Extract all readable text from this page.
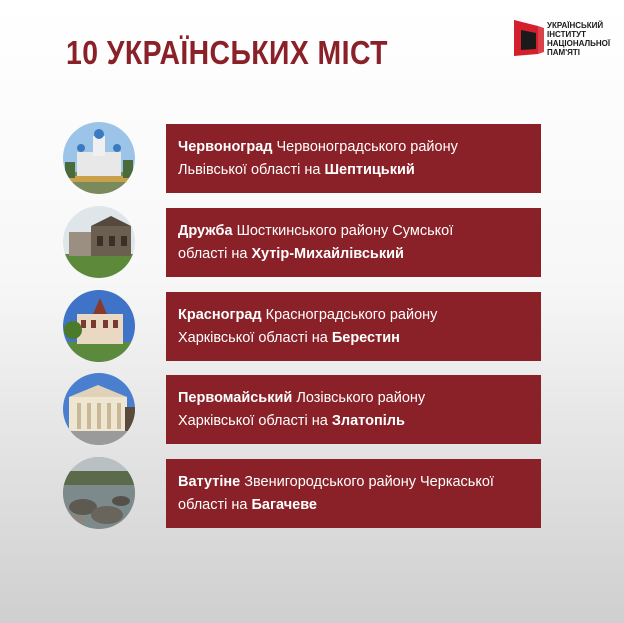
10 УКРАЇНСЬКИХ МІСТ
УКРАЇНСЬКИЙ
ІНСТИТУТ
НАЦІОНАЛЬНОЇ
ПАМ'ЯТІ
Червоноград Червоноградського району
Львівської області на Шептицький
Дружба Шосткинського району Сумської
області на Хутір-Михайлівський
Красноград Красноградського району
Харківської області на Берестин
Первомайський Лозівського району
Харківської області на Златопіль
Ватутіне Звенигородського району Черкаської
області на Багачеве
